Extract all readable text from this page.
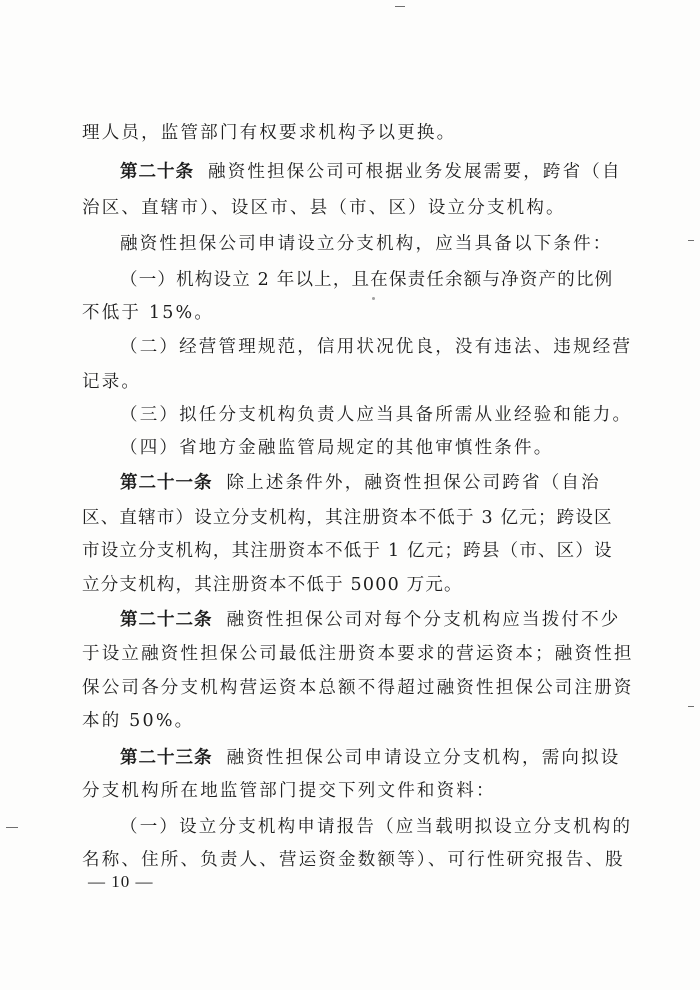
理人员，监管部门有权要求机构予以更换。
第二十条 融资性担保公司可根据业务发展需要，跨省（自
治区、直辖市）、设区市、县（市、区）设立分支机构。
融资性担保公司申请设立分支机构，应当具备以下条件：
（一）机构设立 2 年以上，且在保责任余额与净资产的比例
不低于 15%。
（二）经营管理规范，信用状况优良，没有违法、违规经营
记录。
（三）拟任分支机构负责人应当具备所需从业经验和能力。
（四）省地方金融监管局规定的其他审慎性条件。
第二十一条 除上述条件外，融资性担保公司跨省（自治
区、直辖市）设立分支机构，其注册资本不低于 3 亿元；跨设区
市设立分支机构，其注册资本不低于 1 亿元；跨县（市、区）设
立分支机构，其注册资本不低于 5000 万元。
第二十二条 融资性担保公司对每个分支机构应当拨付不少
于设立融资性担保公司最低注册资本要求的营运资本；融资性担
保公司各分支机构营运资本总额不得超过融资性担保公司注册资
本的 50%。
第二十三条 融资性担保公司申请设立分支机构，需向拟设
分支机构所在地监管部门提交下列文件和资料：
（一）设立分支机构申请报告（应当载明拟设立分支机构的
名称、住所、负责人、营运资金数额等）、可行性研究报告、股
— 10 —
